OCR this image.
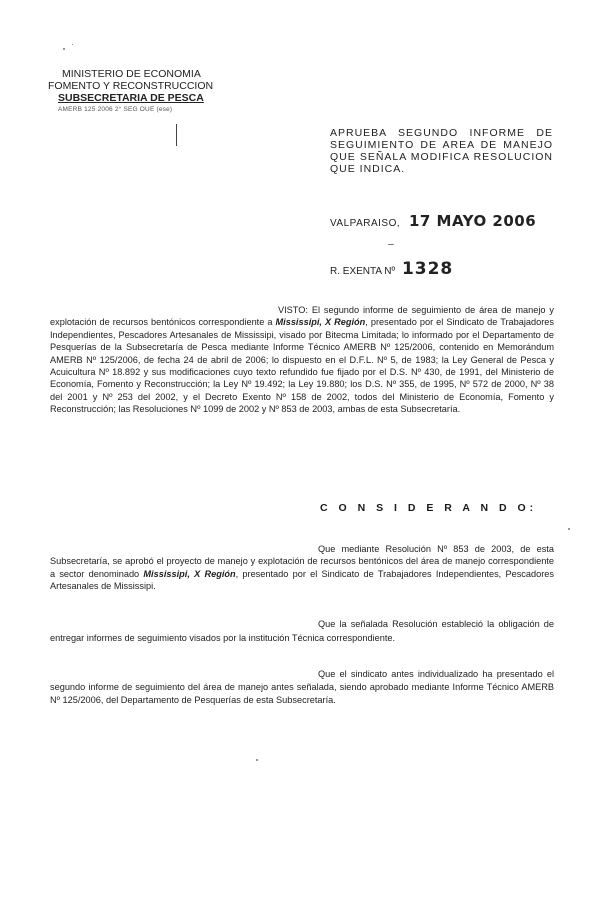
MINISTERIO DE ECONOMIA
FOMENTO Y RECONSTRUCCION
SUBSECRETARIA DE PESCA
AMERB 125 2006 2° SEG OUE (ese)
APRUEBA SEGUNDO INFORME DE SEGUIMIENTO DE AREA DE MANEJO QUE SEÑALA MODIFICA RESOLUCION QUE INDICA.
VALPARAISO, 17 MAYO 2006
R. EXENTA Nº 1328
VISTO: El segundo informe de seguimiento de área de manejo y explotación de recursos bentónicos correspondiente a Mississipi, X Región, presentado por el Sindicato de Trabajadores Independientes, Pescadores Artesanales de Mississipi, visado por Bitecma Limitada; lo informado por el Departamento de Pesquerías de la Subsecretaría de Pesca mediante Informe Técnico AMERB Nº 125/2006, contenido en Memorándum AMERB Nº 125/2006, de fecha 24 de abril de 2006; lo dispuesto en el D.F.L. Nº 5, de 1983; la Ley General de Pesca y Acuicultura Nº 18.892 y sus modificaciones cuyo texto refundido fue fijado por el D.S. Nº 430, de 1991, del Ministerio de Economía, Fomento y Reconstrucción; la Ley Nº 19.492; la Ley 19.880; los D.S. Nº 355, de 1995, Nº 572 de 2000, Nº 38 del 2001 y Nº 253 del 2002, y el Decreto Exento Nº 158 de 2002, todos del Ministerio de Economía, Fomento y Reconstrucción; las Resoluciones Nº 1099 de 2002 y Nº 853 de 2003, ambas de esta Subsecretaría.
C O N S I D E R A N D O:
Que mediante Resolución Nº 853 de 2003, de esta Subsecretaría, se aprobó el proyecto de manejo y explotación de recursos bentónicos del área de manejo correspondiente a sector denominado Mississipi, X Región, presentado por el Sindicato de Trabajadores Independientes, Pescadores Artesanales de Mississipi.
Que la señalada Resolución estableció la obligación de entregar informes de seguimiento visados por la institución Técnica correspondiente.
Que el sindicato antes individualizado ha presentado el segundo informe de seguimiento del área de manejo antes señalada, siendo aprobado mediante Informe Técnico AMERB Nº 125/2006, del Departamento de Pesquerías de esta Subsecretaría.
